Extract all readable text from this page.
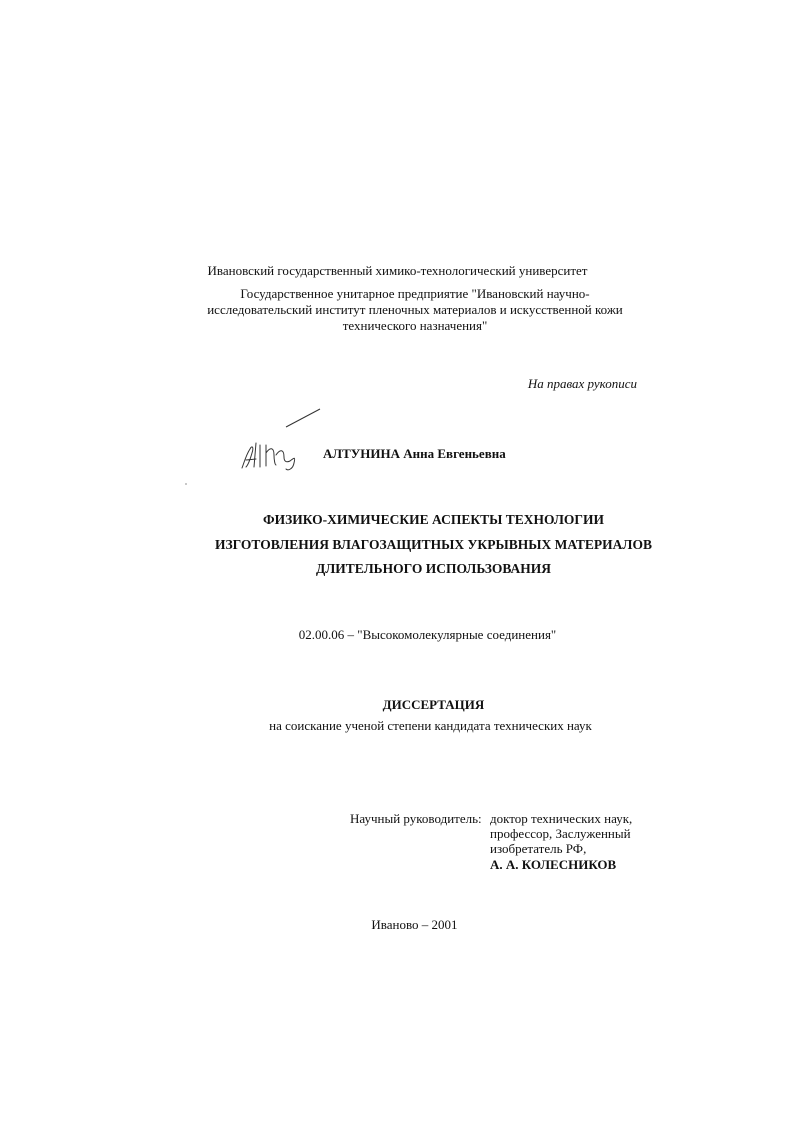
Ивановский государственный химико-технологический университет
Государственное унитарное предприятие "Ивановский научно-
исследовательский институт пленочных материалов и искусственной кожи
технического назначения"
На правах рукописи
АЛТУНИНА Анна Евгеньевна
ФИЗИКО-ХИМИЧЕСКИЕ АСПЕКТЫ ТЕХНОЛОГИИ
ИЗГОТОВЛЕНИЯ ВЛАГОЗАЩИТНЫХ УКРЫВНЫХ МАТЕРИАЛОВ
ДЛИТЕЛЬНОГО ИСПОЛЬЗОВАНИЯ
02.00.06 – "Высокомолекулярные соединения"
ДИССЕРТАЦИЯ
на соискание ученой степени кандидата технических наук
Научный руководитель: доктор технических наук,
профессор, Заслуженный
изобретатель РФ,
А. А. КОЛЕСНИКОВ
Иваново – 2001
